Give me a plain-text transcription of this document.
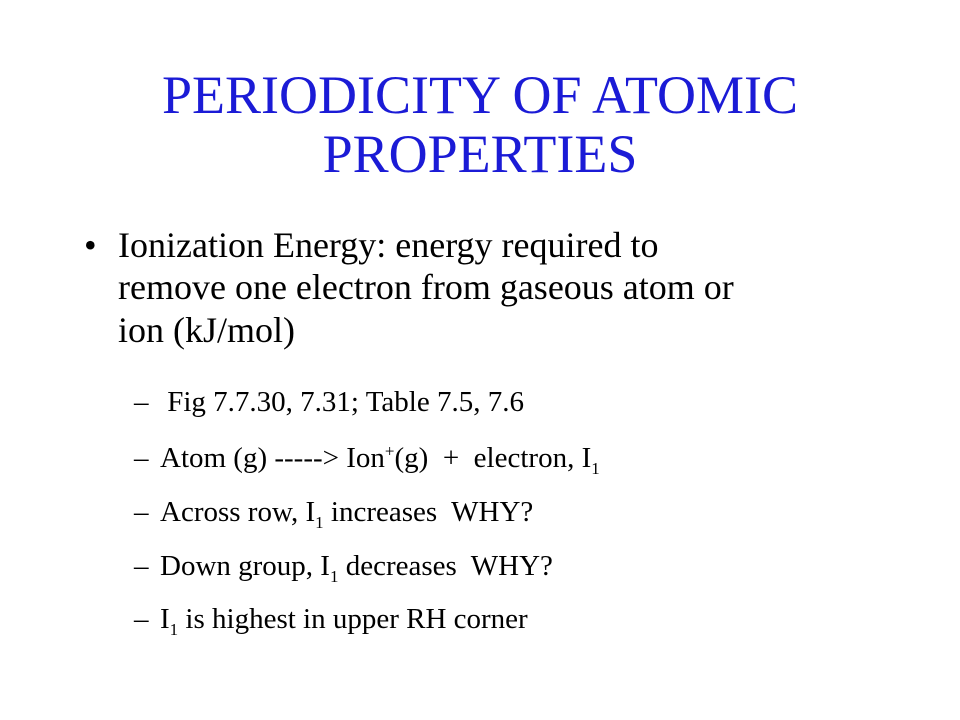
PERIODICITY OF ATOMIC
PROPERTIES
• Ionization Energy: energy required to
remove one electron from gaseous atom or
ion (kJ/mol)
– Fig 7.7.30, 7.31; Table 7.5, 7.6
– Atom (g) -----> Ion+(g)  +  electron, $I_1$
– Across row, $I_1$ increases  WHY?
– Down group, $I_1$ decreases  WHY?
– $I_1$ is highest in upper RH corner
